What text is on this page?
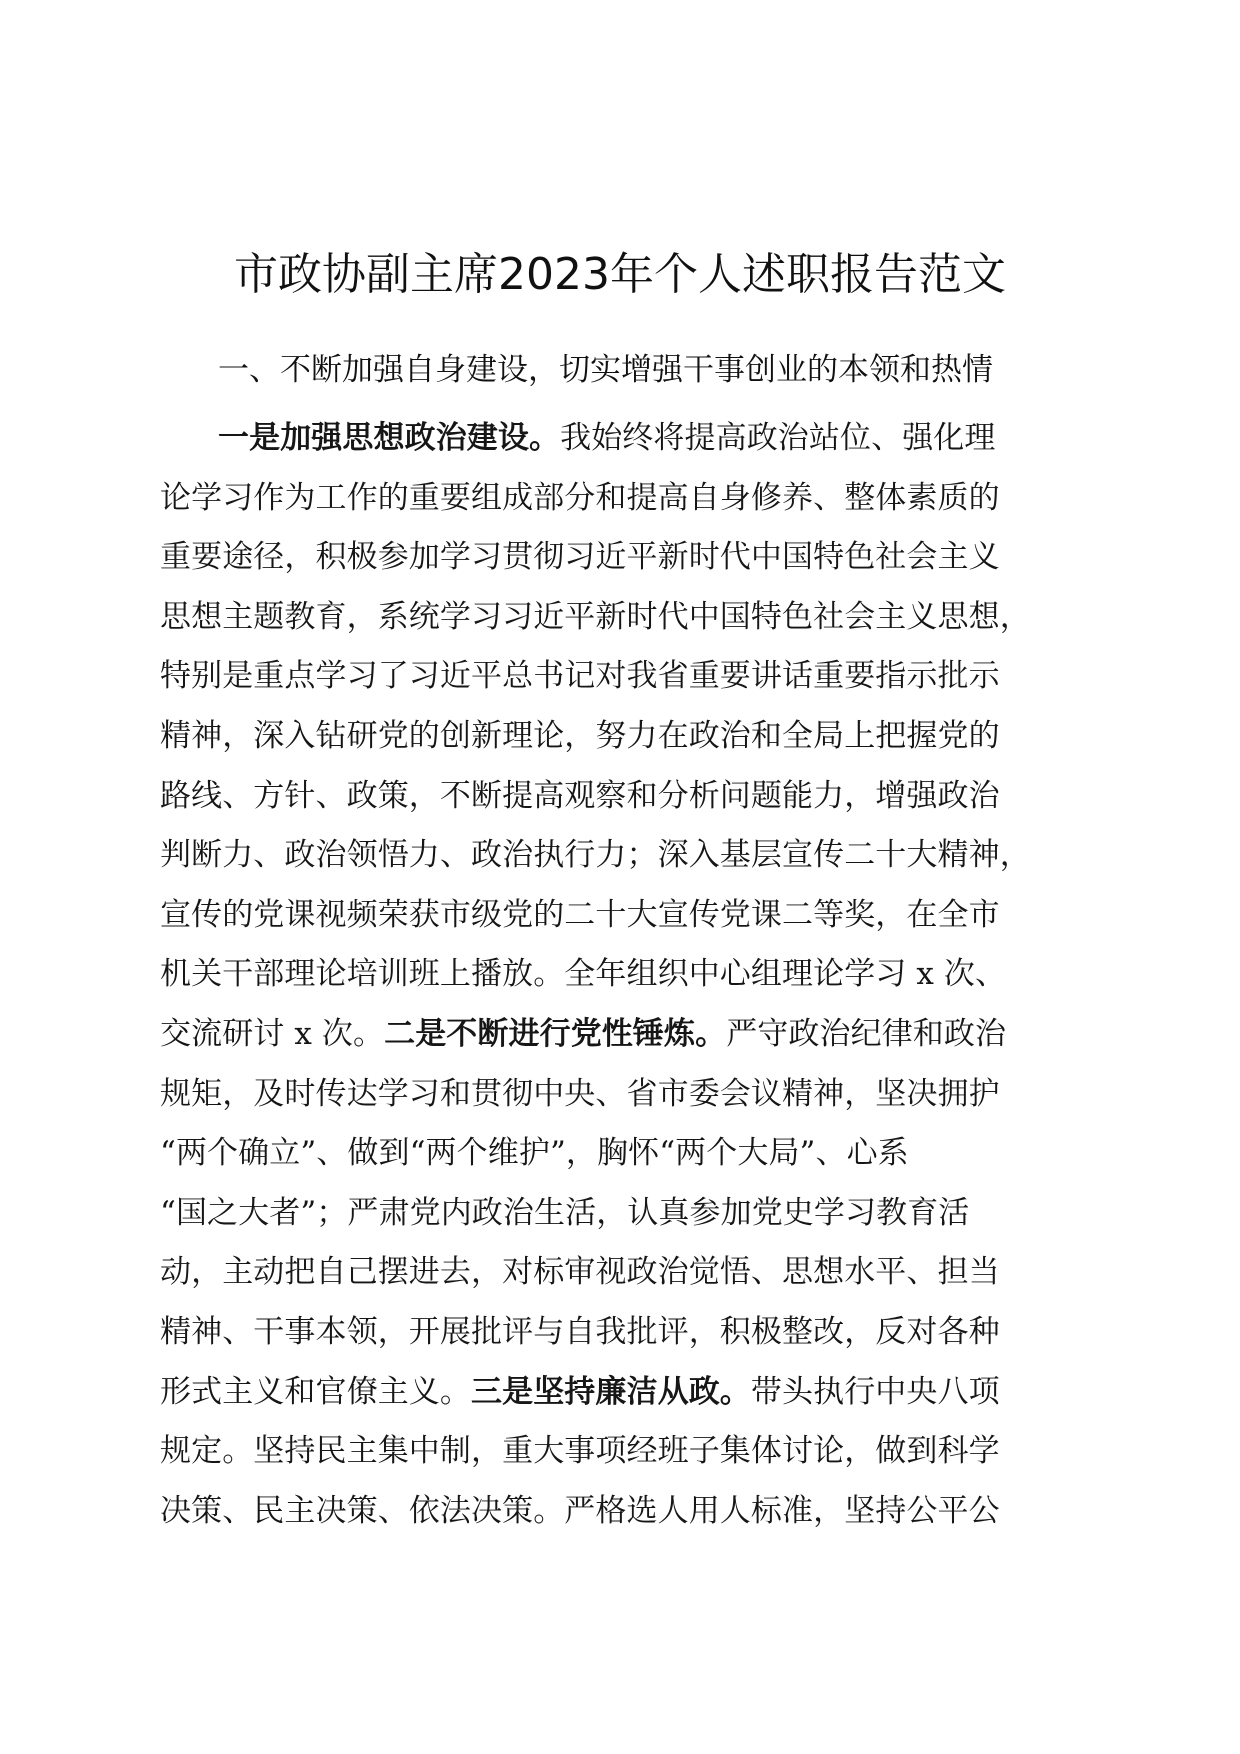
市政协副主席2023年个人述职报告范文
一、不断加强自身建设，切实增强干事创业的本领和热情
一是加强思想政治建设。我始终将提高政治站位、强化理
论学习作为工作的重要组成部分和提高自身修养、整体素质的
重要途径，积极参加学习贯彻习近平新时代中国特色社会主义
思想主题教育，系统学习习近平新时代中国特色社会主义思想，
特别是重点学习了习近平总书记对我省重要讲话重要指示批示
精神，深入钻研党的创新理论，努力在政治和全局上把握党的
路线、方针、政策，不断提高观察和分析问题能力，增强政治
判断力、政治领悟力、政治执行力；深入基层宣传二十大精神，
宣传的党课视频荣获市级党的二十大宣传党课二等奖，在全市
机关干部理论培训班上播放。全年组织中心组理论学习 x 次、
交流研讨 x 次。二是不断进行党性锤炼。严守政治纪律和政治
规矩，及时传达学习和贯彻中央、省市委会议精神，坚决拥护
“两个确立”、做到“两个维护”，胸怀“两个大局”、心系
“国之大者”；严肃党内政治生活，认真参加党史学习教育活
动，主动把自己摆进去，对标审视政治觉悟、思想水平、担当
精神、干事本领，开展批评与自我批评，积极整改，反对各种
形式主义和官僚主义。三是坚持廉洁从政。带头执行中央八项
规定。坚持民主集中制，重大事项经班子集体讨论，做到科学
决策、民主决策、依法决策。严格选人用人标准，坚持公平公
